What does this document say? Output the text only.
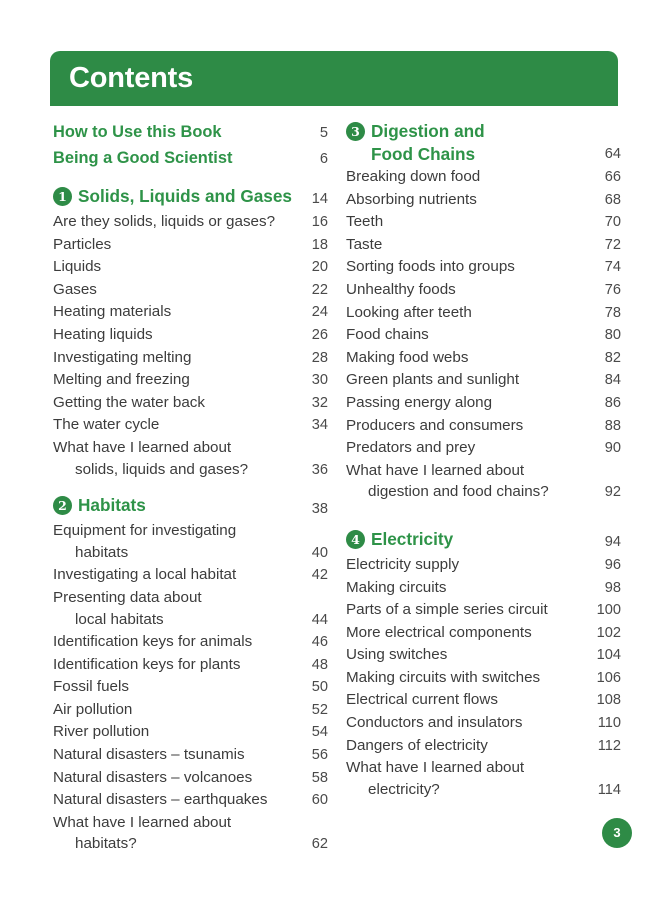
Contents
How to Use this Book	5
Being a Good Scientist	6
1 Solids, Liquids and Gases	14
Are they solids, liquids or gases?	16
Particles	18
Liquids	20
Gases	22
Heating materials	24
Heating liquids	26
Investigating melting	28
Melting and freezing	30
Getting the water back	32
The water cycle	34
What have I learned about
solids, liquids and gases?	36
2 Habitats	38
Equipment for investigating
habitats	40
Investigating a local habitat	42
Presenting data about
local habitats	44
Identification keys for animals	46
Identification keys for plants	48
Fossil fuels	50
Air pollution	52
River pollution	54
Natural disasters – tsunamis	56
Natural disasters – volcanoes	58
Natural disasters – earthquakes	60
What have I learned about
habitats?	62
3 Digestion and
Food Chains	64
Breaking down food	66
Absorbing nutrients	68
Teeth	70
Taste	72
Sorting foods into groups	74
Unhealthy foods	76
Looking after teeth	78
Food chains	80
Making food webs	82
Green plants and sunlight	84
Passing energy along	86
Producers and consumers	88
Predators and prey	90
What have I learned about
digestion and food chains?	92
4 Electricity	94
Electricity supply	96
Making circuits	98
Parts of a simple series circuit	100
More electrical components	102
Using switches	104
Making circuits with switches	106
Electrical current flows	108
Conductors and insulators	110
Dangers of electricity	112
What have I learned about
electricity?	114
3
